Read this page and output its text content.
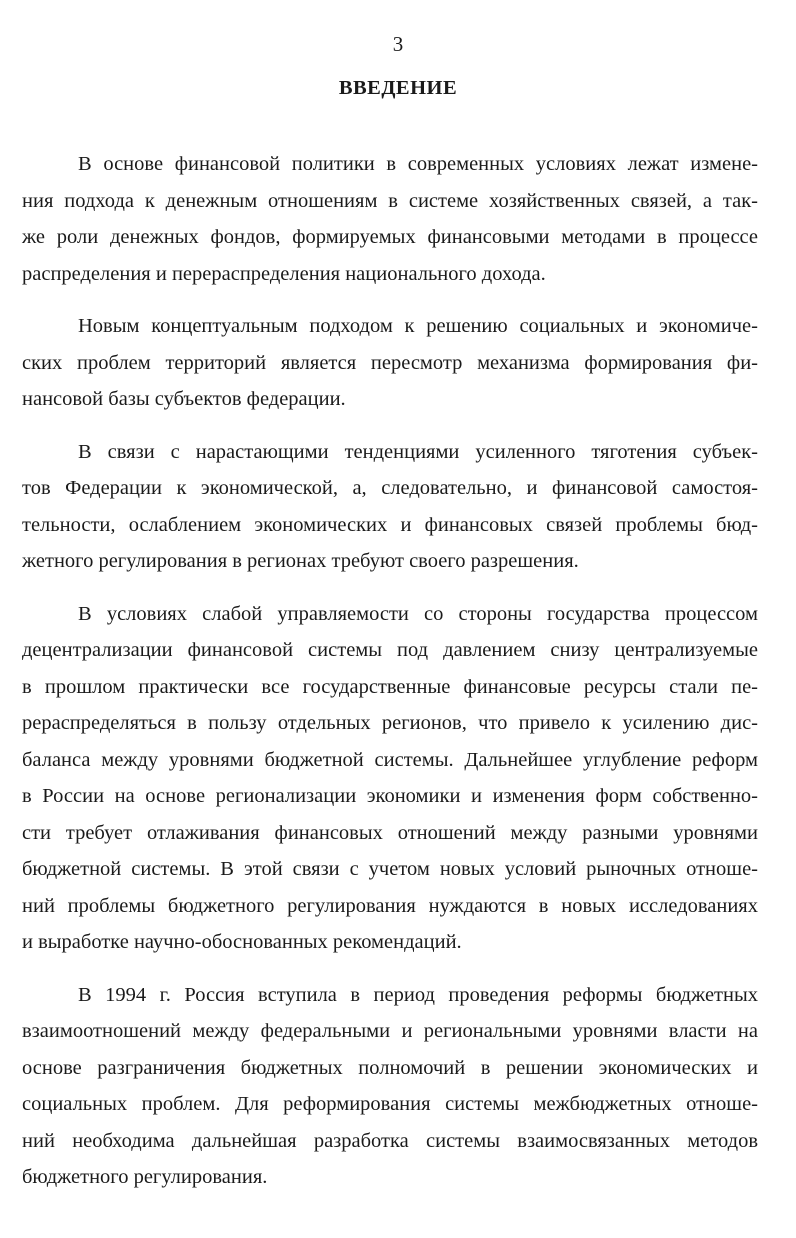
3
ВВЕДЕНИЕ
В основе финансовой политики в современных условиях лежат измене-
ния подхода к денежным отношениям в системе хозяйственных связей, а так-
же роли денежных фондов, формируемых финансовыми методами в процессе
распределения и перераспределения национального дохода.
Новым концептуальным подходом к решению социальных и экономиче-
ских проблем территорий является пересмотр механизма формирования фи-
нансовой базы субъектов федерации.
В связи с нарастающими тенденциями усиленного тяготения субъек-
тов Федерации к экономической, а, следовательно, и финансовой самостоя-
тельности, ослаблением экономических и финансовых связей проблемы бюд-
жетного регулирования в регионах требуют своего разрешения.
В условиях слабой управляемости со стороны государства процессом
децентрализации финансовой системы под давлением снизу централизуемые
в прошлом практически все государственные финансовые ресурсы стали пе-
рераспределяться в пользу отдельных регионов, что привело к усилению дис-
баланса между уровнями бюджетной системы. Дальнейшее углубление реформ
в России на основе регионализации экономики и изменения форм собственно-
сти требует отлаживания финансовых отношений между разными уровнями
бюджетной системы. В этой связи с учетом новых условий рыночных отноше-
ний проблемы бюджетного регулирования нуждаются в новых исследованиях
и выработке научно-обоснованных рекомендаций.
В 1994 г. Россия вступила в период проведения реформы бюджетных
взаимоотношений между федеральными и региональными уровнями власти на
основе разграничения бюджетных полномочий в решении экономических и
социальных проблем. Для реформирования системы межбюджетных отноше-
ний необходима дальнейшая разработка системы взаимосвязанных методов
бюджетного регулирования.
